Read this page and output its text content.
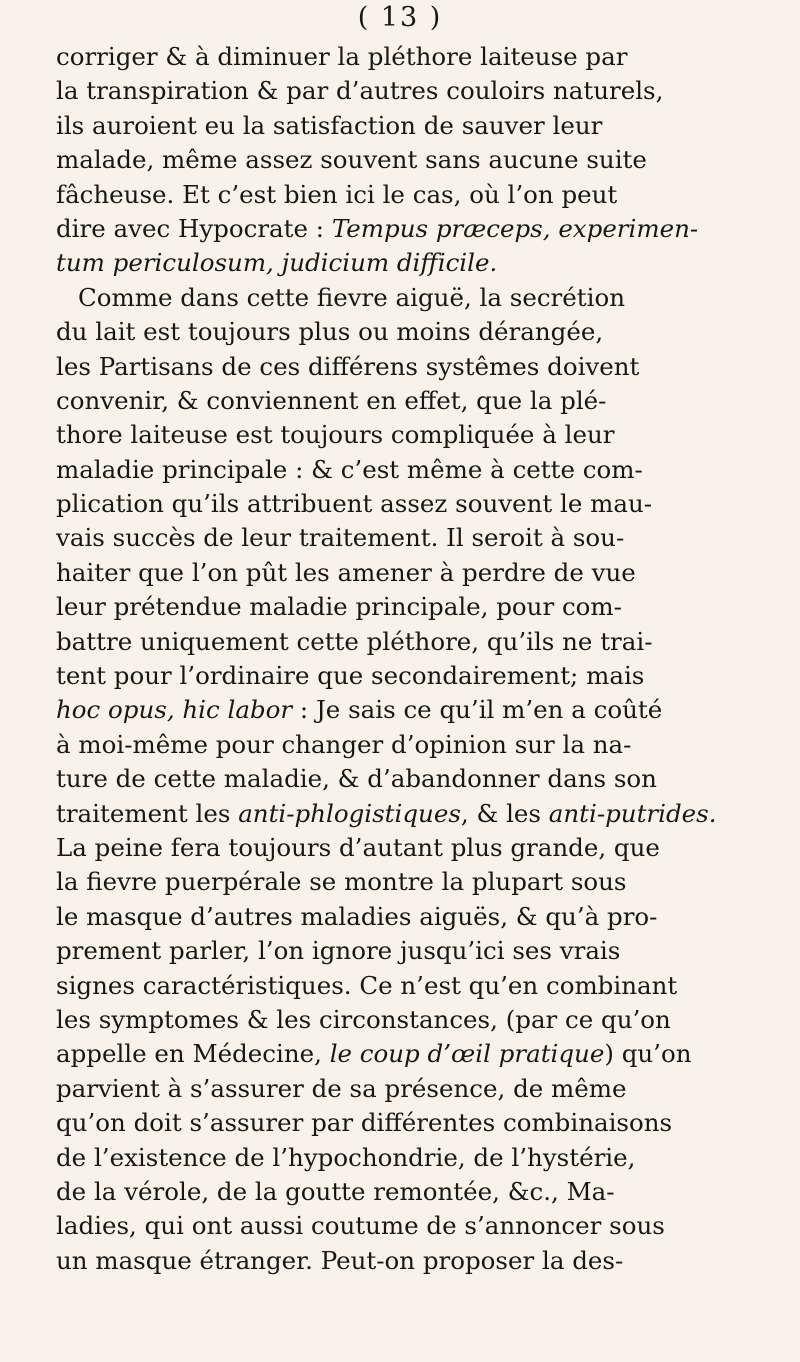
( 13 )
corriger & à diminuer la pléthore laiteuse par
la transpiration & par d’autres couloirs naturels,
ils auroient eu la satisfaction de sauver leur
malade, même assez souvent sans aucune suite
fâcheuse. Et c’est bien ici le cas, où l’on peut
dire avec Hypocrate : Tempus præceps, experimen-
tum periculosum, judicium difficile.
Comme dans cette fievre aiguë, la secrétion
du lait est toujours plus ou moins dérangée,
les Partisans de ces différens systêmes doivent
convenir, & conviennent en effet, que la plé-
thore laiteuse est toujours compliquée à leur
maladie principale : & c’est même à cette com-
plication qu’ils attribuent assez souvent le mau-
vais succès de leur traitement. Il seroit à sou-
haiter que l’on pût les amener à perdre de vue
leur prétendue maladie principale, pour com-
battre uniquement cette pléthore, qu’ils ne trai-
tent pour l’ordinaire que secondairement; mais
hoc opus, hic labor : Je sais ce qu’il m’en a coûté
à moi-même pour changer d’opinion sur la na-
ture de cette maladie, & d’abandonner dans son
traitement les anti-phlogistiques, & les anti-putrides.
La peine fera toujours d’autant plus grande, que
la fievre puerpérale se montre la plupart sous
le masque d’autres maladies aiguës, & qu’à pro-
prement parler, l’on ignore jusqu’ici ses vrais
signes caractéristiques. Ce n’est qu’en combinant
les symptomes & les circonstances, (par ce qu’on
appelle en Médecine, le coup d’œil pratique) qu’on
parvient à s’assurer de sa présence, de même
qu’on doit s’assurer par différentes combinaisons
de l’existence de l’hypochondrie, de l’hystérie,
de la vérole, de la goutte remontée, &c., Ma-
ladies, qui ont aussi coutume de s’annoncer sous
un masque étranger. Peut-on proposer la des-
